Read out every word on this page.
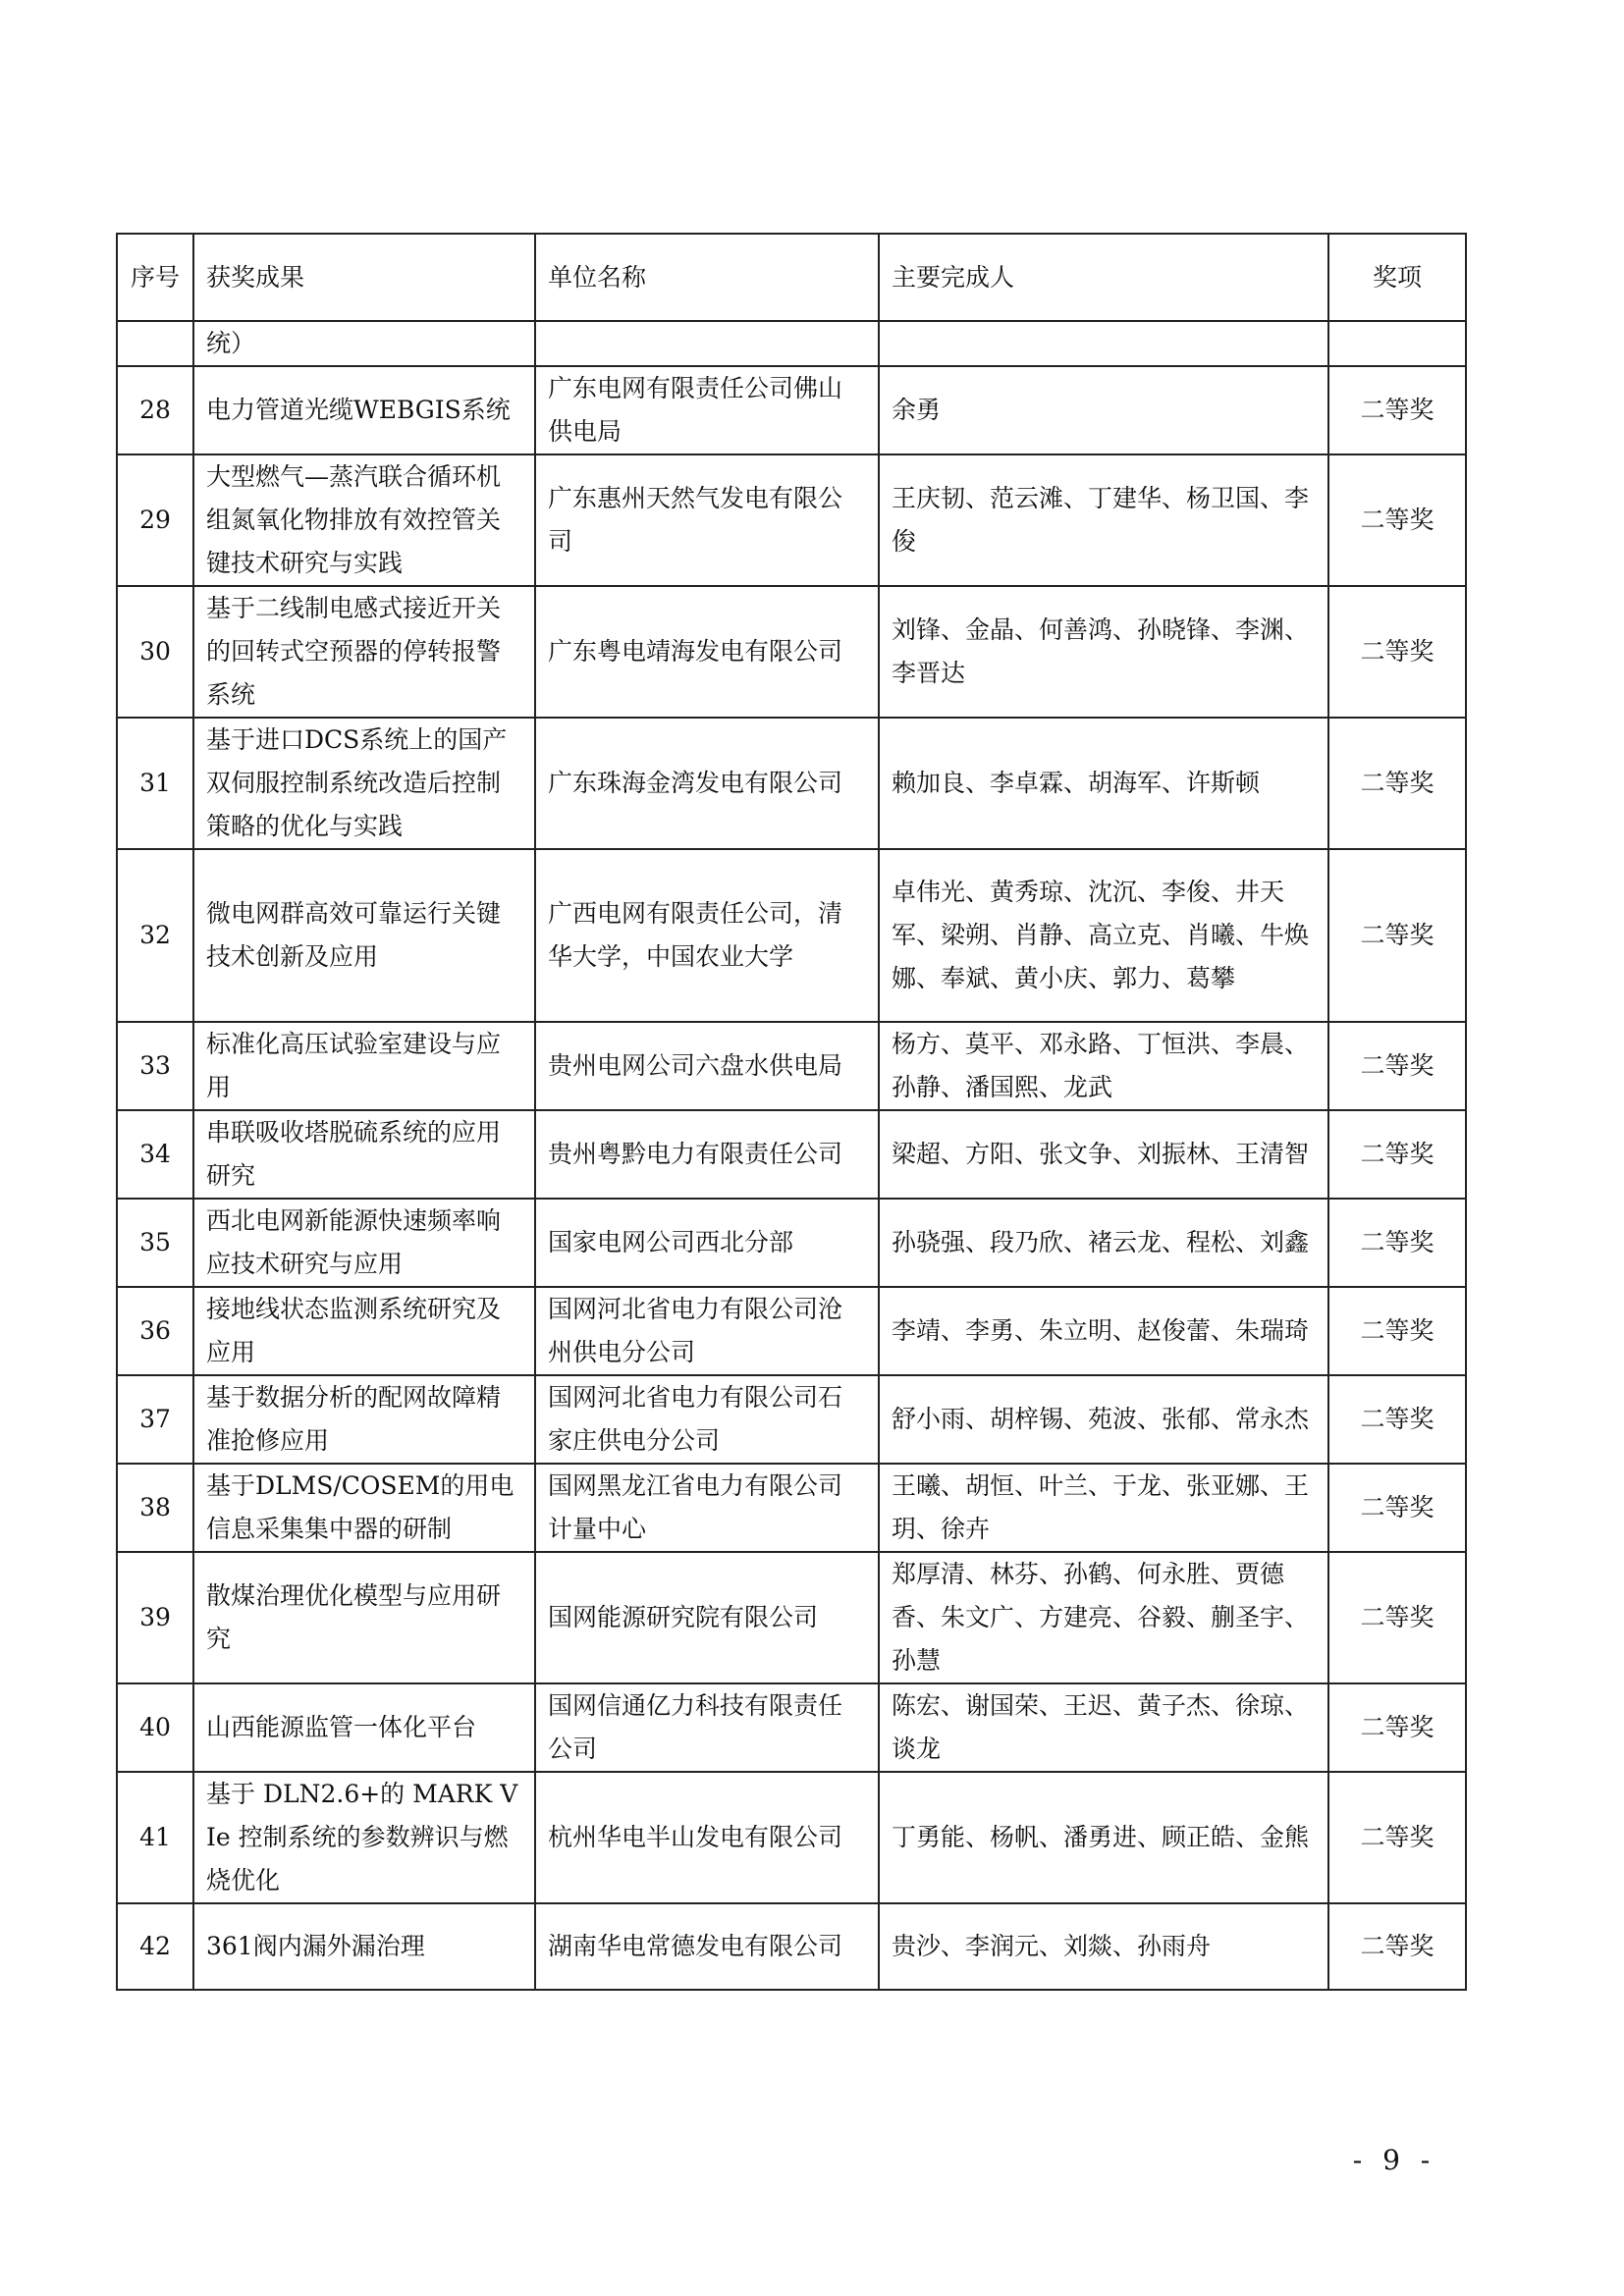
序号	获奖成果	单位名称	主要完成人	奖项
	统）			
28	电力管道光缆WEBGIS系统	广东电网有限责任公司佛山供电局	余勇	二等奖
29	大型燃气—蒸汽联合循环机组氮氧化物排放有效控管关键技术研究与实践	广东惠州天然气发电有限公司	王庆韧、范云滩、丁建华、杨卫国、李俊	二等奖
30	基于二线制电感式接近开关的回转式空预器的停转报警系统	广东粤电靖海发电有限公司	刘锋、金晶、何善鸿、孙晓锋、李渊、李晋达	二等奖
31	基于进口DCS系统上的国产双伺服控制系统改造后控制策略的优化与实践	广东珠海金湾发电有限公司	赖加良、李卓霖、胡海军、许斯顿	二等奖
32	微电网群高效可靠运行关键技术创新及应用	广西电网有限责任公司，清华大学，中国农业大学	卓伟光、黄秀琼、沈沉、李俊、井天军、梁朔、肖静、高立克、肖曦、牛焕娜、奉斌、黄小庆、郭力、葛攀	二等奖
33	标准化高压试验室建设与应用	贵州电网公司六盘水供电局	杨方、莫平、邓永路、丁恒洪、李晨、孙静、潘国熙、龙武	二等奖
34	串联吸收塔脱硫系统的应用研究	贵州粤黔电力有限责任公司	梁超、方阳、张文争、刘振林、王清智	二等奖
35	西北电网新能源快速频率响应技术研究与应用	国家电网公司西北分部	孙骁强、段乃欣、褚云龙、程松、刘鑫	二等奖
36	接地线状态监测系统研究及应用	国网河北省电力有限公司沧州供电分公司	李靖、李勇、朱立明、赵俊蕾、朱瑞琦	二等奖
37	基于数据分析的配网故障精准抢修应用	国网河北省电力有限公司石家庄供电分公司	舒小雨、胡梓锡、苑波、张郁、常永杰	二等奖
38	基于DLMS/COSEM的用电信息采集集中器的研制	国网黑龙江省电力有限公司计量中心	王曦、胡恒、叶兰、于龙、张亚娜、王玥、徐卉	二等奖
39	散煤治理优化模型与应用研究	国网能源研究院有限公司	郑厚清、林芬、孙鹤、何永胜、贾德香、朱文广、方建亮、谷毅、蒯圣宇、孙慧	二等奖
40	山西能源监管一体化平台	国网信通亿力科技有限责任公司	陈宏、谢国荣、王迟、黄子杰、徐琼、谈龙	二等奖
41	基于 DLN2.6+的 MARK VIe 控制系统的参数辨识与燃烧优化	杭州华电半山发电有限公司	丁勇能、杨帆、潘勇进、顾正皓、金熊	二等奖
42	361阀内漏外漏治理	湖南华电常德发电有限公司	贵沙、李润元、刘燚、孙雨舟	二等奖
- 9 -
